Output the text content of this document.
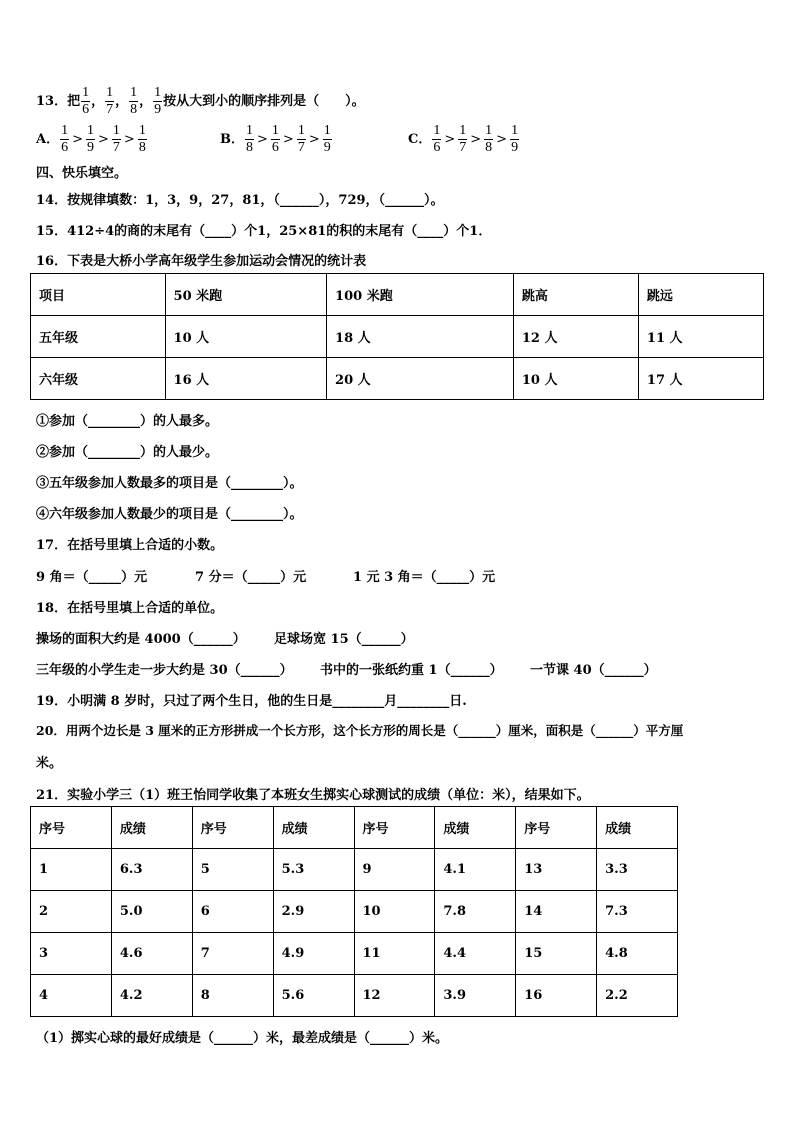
13．把 $\frac{1}{6}$ ， $\frac{1}{7}$ ， $\frac{1}{8}$ ， $\frac{1}{9}$ 按从大到小的顺序排列是（　　）。
A． $\frac{1}{6} > \frac{1}{9} > \frac{1}{7} > \frac{1}{8}$	B． $\frac{1}{8} > \frac{1}{6} > \frac{1}{7} > \frac{1}{9}$	C． $\frac{1}{6} > \frac{1}{7} > \frac{1}{8} > \frac{1}{9}$
四、快乐填空。
14．按规律填数：1，3，9，27，81，（______），729，（______）。
15．412÷4的商的末尾有（____）个1，25×81的积的末尾有（____）个1．
16．下表是大桥小学高年级学生参加运动会情况的统计表
项目	50 米跑	100 米跑	跳高	跳远
五年级	10 人	18 人	12 人	11 人
六年级	16 人	20 人	10 人	17 人
①参加（________）的人最多。
②参加（________）的人最少。
③五年级参加人数最多的项目是（________）。
④六年级参加人数最少的项目是（________）。
17．在括号里填上合适的小数。
9 角＝（_____）元	7 分＝（_____）元	1 元 3 角＝（_____）元
18．在括号里填上合适的单位。
操场的面积大约是 4000（______） 足球场宽 15（______）
三年级的小学生走一步大约是 30（______） 书中的一张纸约重 1（______） 一节课 40（______）
19．小明满 8 岁时，只过了两个生日，他的生日是________月________日.
20．用两个边长是 3 厘米的正方形拼成一个长方形，这个长方形的周长是（______）厘米，面积是（______）平方厘
米。
21．实验小学三（1）班王怡同学收集了本班女生掷实心球测试的成绩（单位：米），结果如下。
序号	成绩	序号	成绩	序号	成绩	序号	成绩
1	6.3	5	5.3	9	4.1	13	3.3
2	5.0	6	2.9	10	7.8	14	7.3
3	4.6	7	4.9	11	4.4	15	4.8
4	4.2	8	5.6	12	3.9	16	2.2
（1）掷实心球的最好成绩是（______）米，最差成绩是（______）米。
